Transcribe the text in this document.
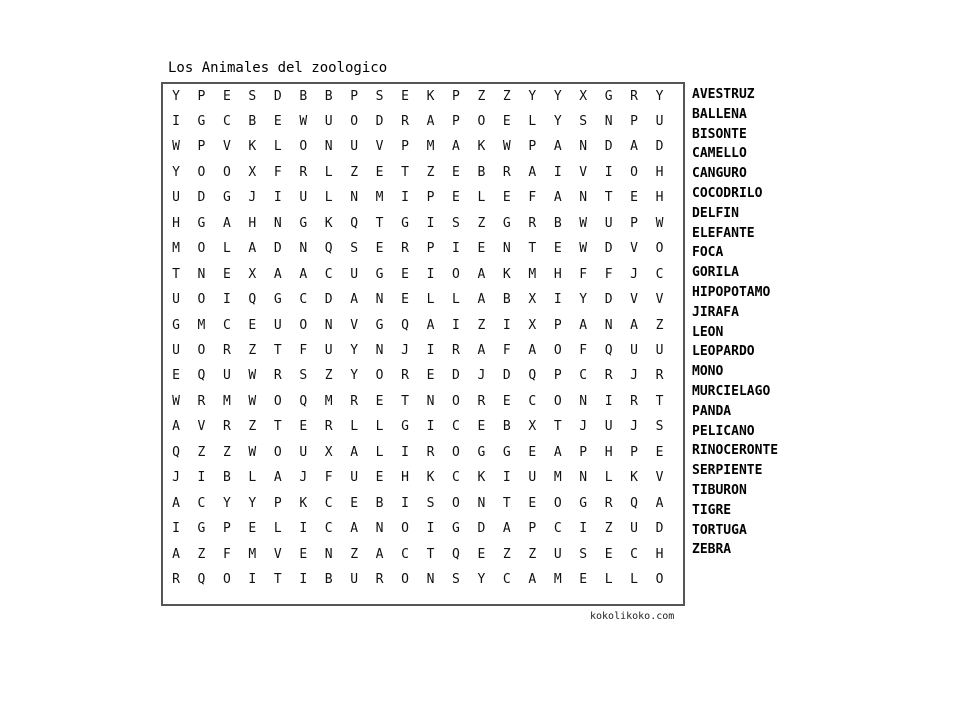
Los Animales del zoologico
Y	P	E	S	D	B	B	P	S	E	K	P	Z	Z	Y	Y	X	G	R	Y
I	G	C	B	E	W	U	O	D	R	A	P	O	E	L	Y	S	N	P	U
W	P	V	K	L	O	N	U	V	P	M	A	K	W	P	A	N	D	A	D
Y	O	O	X	F	R	L	Z	E	T	Z	E	B	R	A	I	V	I	O	H
U	D	G	J	I	U	L	N	M	I	P	E	L	E	F	A	N	T	E	H
H	G	A	H	N	G	K	Q	T	G	I	S	Z	G	R	B	W	U	P	W
M	O	L	A	D	N	Q	S	E	R	P	I	E	N	T	E	W	D	V	O
T	N	E	X	A	A	C	U	G	E	I	O	A	K	M	H	F	F	J	C
U	O	I	Q	G	C	D	A	N	E	L	L	A	B	X	I	Y	D	V	V
G	M	C	E	U	O	N	V	G	Q	A	I	Z	I	X	P	A	N	A	Z
U	O	R	Z	T	F	U	Y	N	J	I	R	A	F	A	O	F	Q	U	U
E	Q	U	W	R	S	Z	Y	O	R	E	D	J	D	Q	P	C	R	J	R
W	R	M	W	O	Q	M	R	E	T	N	O	R	E	C	O	N	I	R	T
A	V	R	Z	T	E	R	L	L	G	I	C	E	B	X	T	J	U	J	S
Q	Z	Z	W	O	U	X	A	L	I	R	O	G	G	E	A	P	H	P	E
J	I	B	L	A	J	F	U	E	H	K	C	K	I	U	M	N	L	K	V
A	C	Y	Y	P	K	C	E	B	I	S	O	N	T	E	O	G	R	Q	A
I	G	P	E	L	I	C	A	N	O	I	G	D	A	P	C	I	Z	U	D
A	Z	F	M	V	E	N	Z	A	C	T	Q	E	Z	Z	U	S	E	C	H
R	Q	O	I	T	I	B	U	R	O	N	S	Y	C	A	M	E	L	L	O
AVESTRUZ
BALLENA
BISONTE
CAMELLO
CANGURO
COCODRILO
DELFIN
ELEFANTE
FOCA
GORILA
HIPOPOTAMO
JIRAFA
LEON
LEOPARDO
MONO
MURCIELAGO
PANDA
PELICANO
RINOCERONTE
SERPIENTE
TIBURON
TIGRE
TORTUGA
ZEBRA
kokolikoko.com
